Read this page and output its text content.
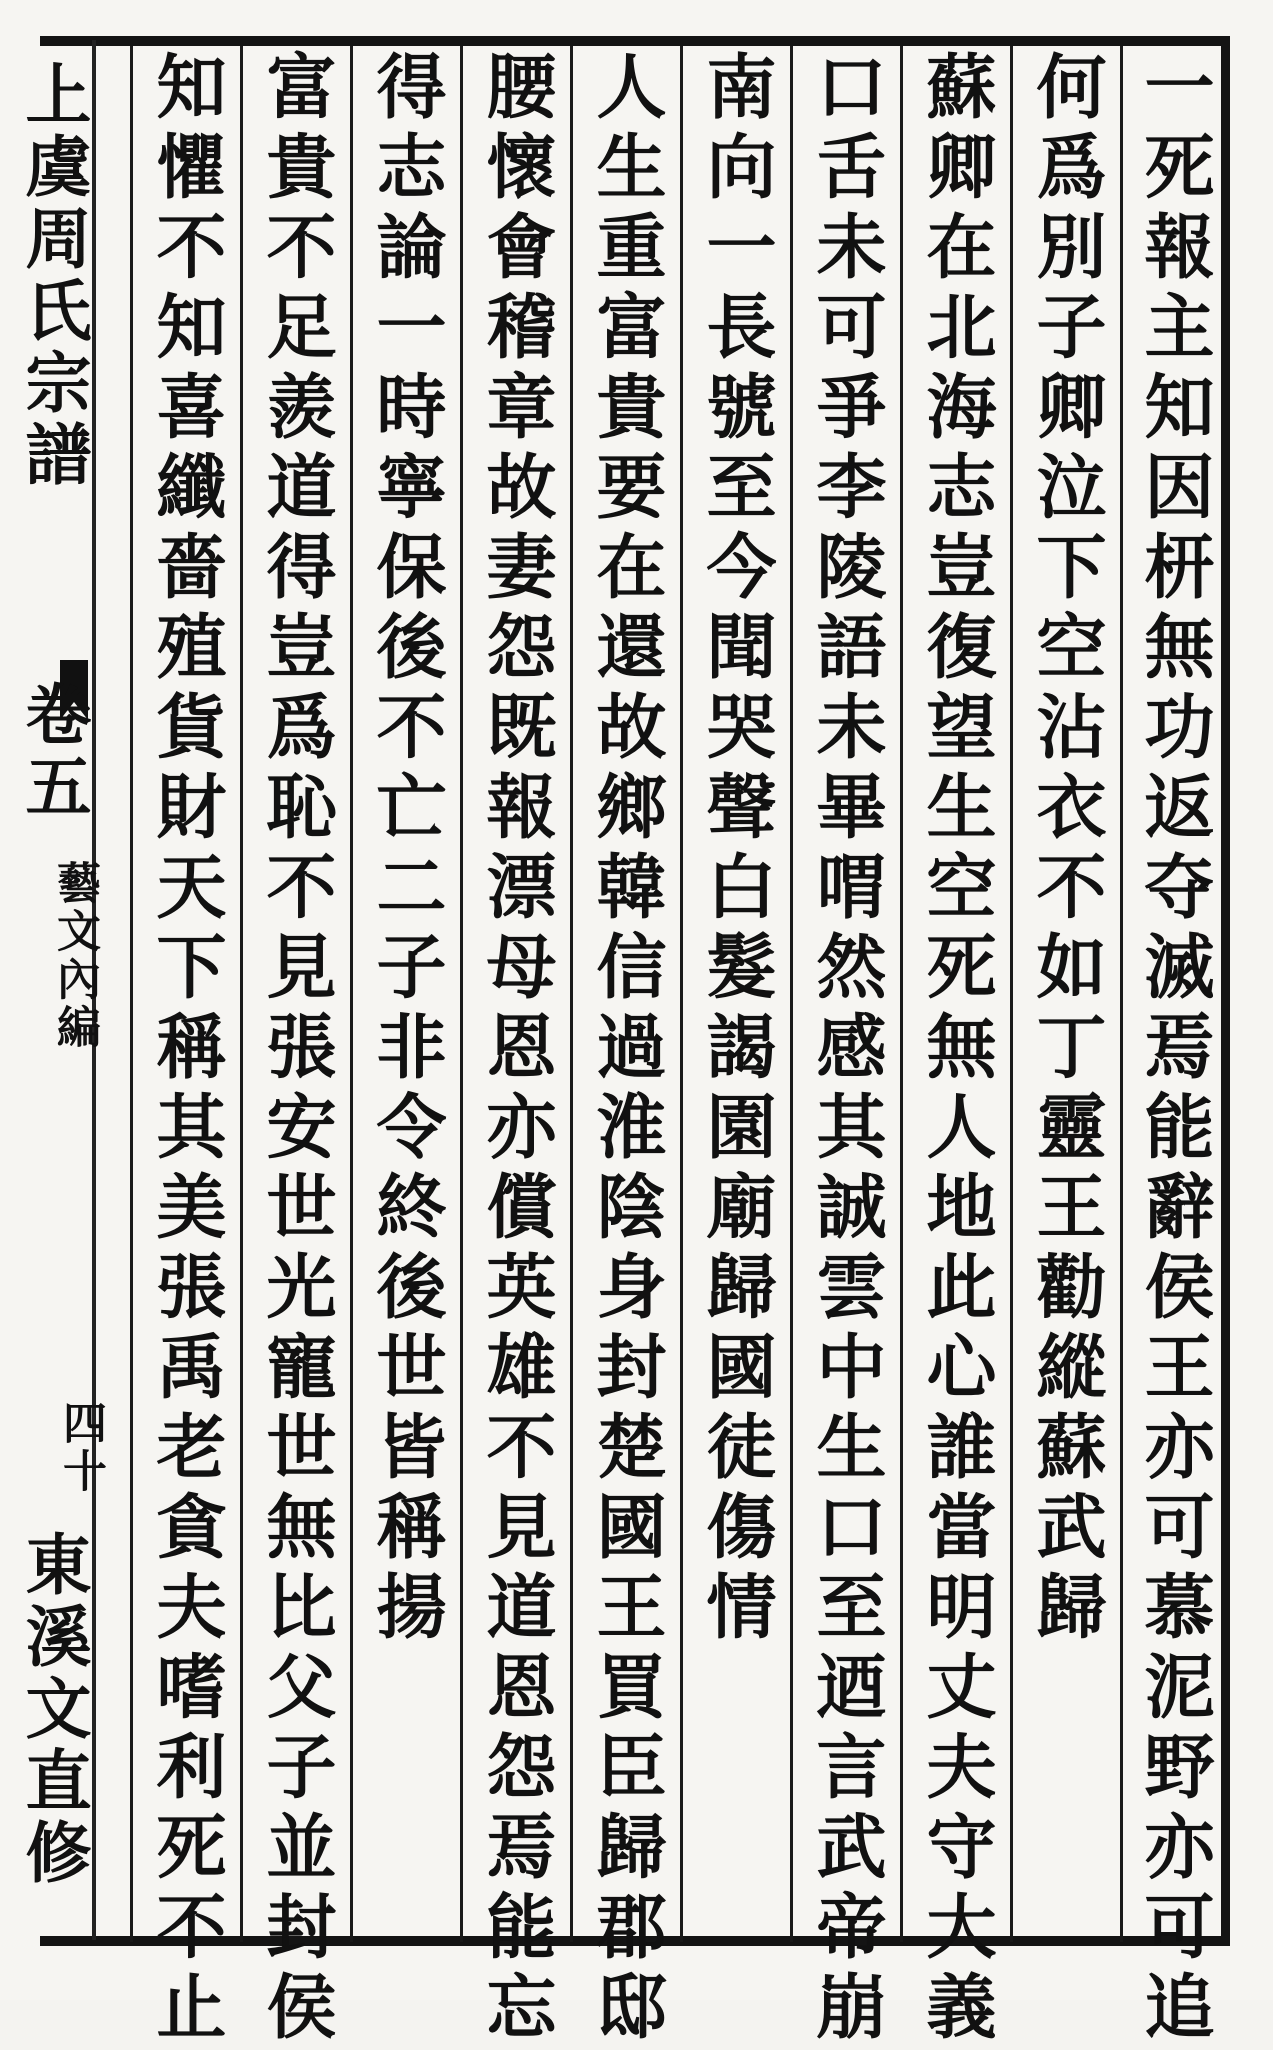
一死報主知因枅無功返夺滅焉能辭侯王亦可慕泥野亦可追
何爲別子卿泣下空沾衣不如丁靈王勸縱蘇武歸
蘇卿在北海志豈復望生空死無人地此心誰當明丈夫守大義
口舌未可爭李陵語未畢喟然感其誠雲中生口至迺言武帝崩
南向一長號至今聞哭聲白髮謁園廟歸國徒傷情
人生重富貴要在還故鄉韓信過淮陰身封楚國王買臣歸郡邸
腰懷會稽章故妻怨既報漂母恩亦償英雄不見道恩怨焉能忘
得志論一時寧保後不亡二子非令終後世皆稱揚
富貴不足羨道得豈爲恥不見張安世光寵世無比父子並封侯
知懼不知喜纖嗇殖貨財天下稱其美張禹老貪夫嗜利死不止
上虞周氏宗譜
卷五
藝文內編
四十
東溪文直修
